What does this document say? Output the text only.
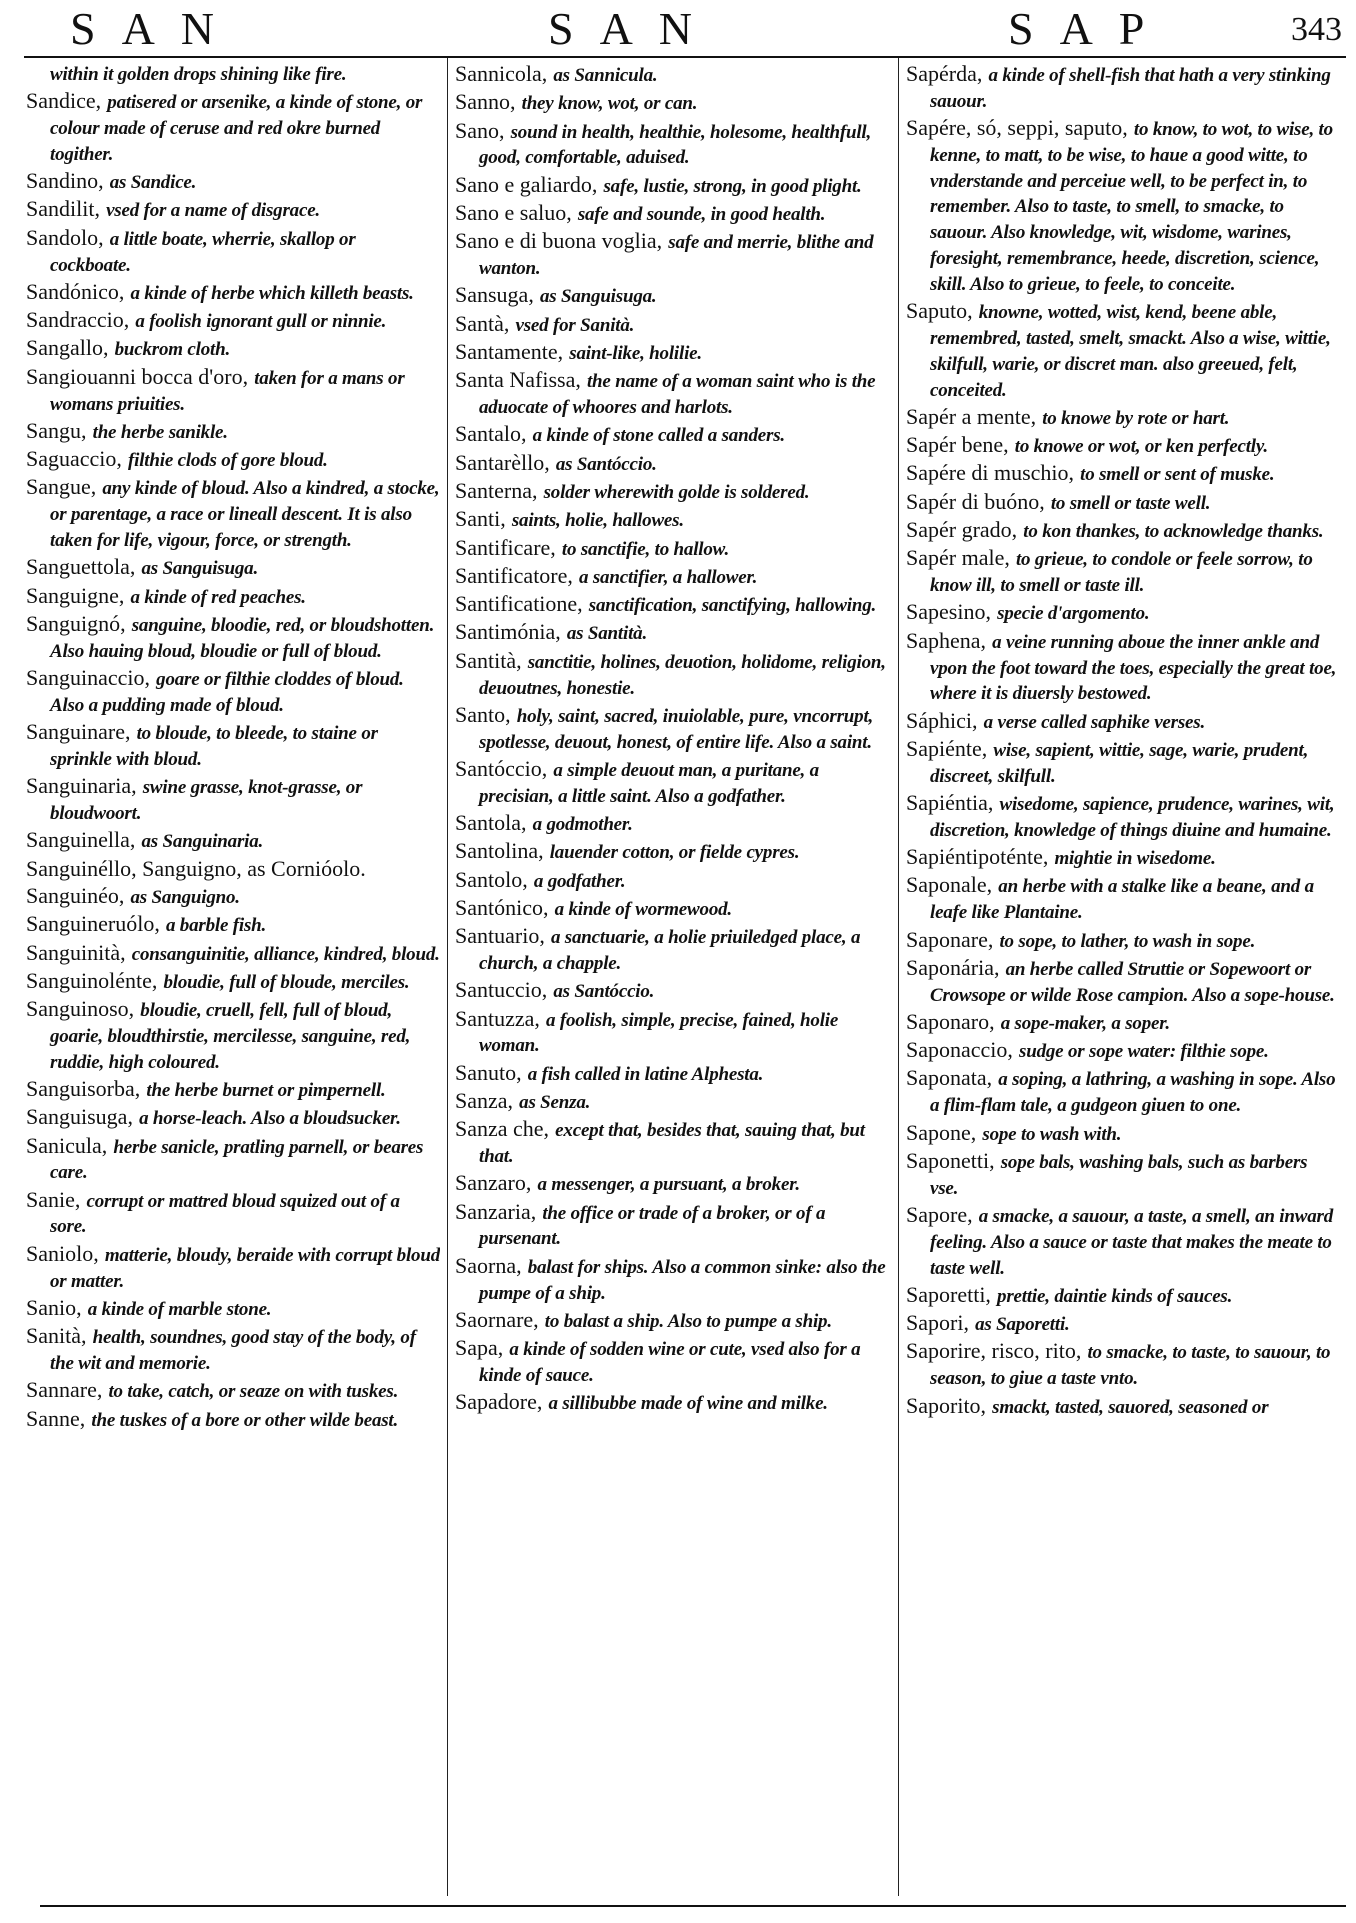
SAN	SAN	SAP	343
within it golden drops shining like fire.
Sandice, patisered or arsenike, a kinde of stone, or colour made of ceruse and red okre burned togither.
Sandino, as Sandice.
Sandilit, vsed for a name of disgrace.
Sandolo, a little boate, wherrie, skallop or cockboate.
Sandónico, a kinde of herbe which killeth beasts.
Sandraccio, a foolish ignorant gull or ninnie.
Sangallo, buckrom cloth.
Sangiouanni bocca d'oro, taken for a mans or womans priuities.
Sangu, the herbe sanikle.
Saguaccio, filthie clods of gore bloud.
Sangue, any kinde of bloud. Also a kindred, a stocke, or parentage, a race or lineall descent. It is also taken for life, vigour, force, or strength.
Sanguettola, as Sanguisuga.
Sanguigne, a kinde of red peaches.
Sanguignó, sanguine, bloodie, red, or bloudshotten. Also hauing bloud, bloudie or full of bloud.
Sanguinaccio, goare or filthie cloddes of bloud. Also a pudding made of bloud.
Sanguinare, to bloude, to bleede, to staine or sprinkle with bloud.
Sanguinaria, swine grasse, knot-grasse, or bloudwoort.
Sanguinella, as Sanguinaria.
Sanguinéllo, Sanguigno, as Cornióolo.
Sanguinéo, as Sanguigno.
Sanguineruólo, a barble fish.
Sanguinità, consanguinitie, alliance, kindred, bloud.
Sanguinolénte, bloudie, full of bloude, merciles.
Sanguinoso, bloudie, cruell, fell, full of bloud, goarie, bloudthirstie, mercilesse, sanguine, red, ruddie, high coloured.
Sanguisorba, the herbe burnet or pimpernell.
Sanguisuga, a horse-leach. Also a bloudsucker.
Sanicula, herbe sanicle, pratling parnell, or beares care.
Sanie, corrupt or mattred bloud squized out of a sore.
Saniolo, matterie, bloudy, beraide with corrupt bloud or matter.
Sanio, a kinde of marble stone.
Sanità, health, soundnes, good stay of the body, of the wit and memorie.
Sannare, to take, catch, or seaze on with tuskes.
Sanne, the tuskes of a bore or other wilde beast.
Sannicola, as Sannicula.
Sanno, they know, wot, or can.
Sano, sound in health, healthie, holesome, healthfull, good, comfortable, aduised.
Sano e galiardo, safe, lustie, strong, in good plight.
Sano e saluo, safe and sounde, in good health.
Sano e di buona voglia, safe and merrie, blithe and wanton.
Sansuga, as Sanguisuga.
Santà, vsed for Sanità.
Santamente, saint-like, holilie.
Santa Nafissa, the name of a woman saint who is the aduocate of whoores and harlots.
Santalo, a kinde of stone called a sanders.
Santarèllo, as Santóccio.
Santerna, solder wherewith golde is soldered.
Santi, saints, holie, hallowes.
Santificare, to sanctifie, to hallow.
Santificatore, a sanctifier, a hallower.
Santificatione, sanctification, sanctifying, hallowing.
Santimónia, as Santità.
Santità, sanctitie, holines, deuotion, holidome, religion, deuoutnes, honestie.
Santo, holy, saint, sacred, inuiolable, pure, vncorrupt, spotlesse, deuout, honest, of entire life. Also a saint.
Santóccio, a simple deuout man, a puritane, a precisian, a little saint. Also a godfather.
Santola, a godmother.
Santolina, lauender cotton, or fielde cypres.
Santolo, a godfather.
Santónico, a kinde of wormewood.
Santuario, a sanctuarie, a holie priuiledged place, a church, a chapple.
Santuccio, as Santóccio.
Santuzza, a foolish, simple, precise, fained, holie woman.
Sanuto, a fish called in latine Alphesta.
Sanza, as Senza.
Sanza che, except that, besides that, sauing that, but that.
Sanzaro, a messenger, a pursuant, a broker.
Sanzaria, the office or trade of a broker, or of a pursenant.
Saorna, balast for ships. Also a common sinke: also the pumpe of a ship.
Saornare, to balast a ship. Also to pumpe a ship.
Sapa, a kinde of sodden wine or cute, vsed also for a kinde of sauce.
Sapadore, a sillibubbe made of wine and milke.
Sapérda, a kinde of shell-fish that hath a very stinking sauour.
Sapére, só, seppi, saputo, to know, to wot, to wise, to kenne, to matt, to be wise, to haue a good witte, to vnderstande and perceiue well, to be perfect in, to remember. Also to taste, to smell, to smacke, to sauour. Also knowledge, wit, wisdome, warines, foresight, remembrance, heede, discretion, science, skill. Also to grieue, to feele, to conceite.
Saputo, knowne, wotted, wist, kend, beene able, remembred, tasted, smelt, smackt. Also a wise, wittie, skilfull, warie, or discret man. also greeued, felt, conceited.
Sapér a mente, to knowe by rote or hart.
Sapér bene, to knowe or wot, or ken perfectly.
Sapére di muschio, to smell or sent of muske.
Sapér di buóno, to smell or taste well.
Sapér grado, to kon thankes, to acknowledge thanks.
Sapér male, to grieue, to condole or feele sorrow, to know ill, to smell or taste ill.
Sapesino, specie d'argomento.
Saphena, a veine running aboue the inner ankle and vpon the foot toward the toes, especially the great toe, where it is diuersly bestowed.
Sáphici, a verse called saphike verses.
Sapiénte, wise, sapient, wittie, sage, warie, prudent, discreet, skilfull.
Sapiéntia, wisedome, sapience, prudence, warines, wit, discretion, knowledge of things diuine and humaine.
Sapiéntipoténte, mightie in wisedome.
Saponale, an herbe with a stalke like a beane, and a leafe like Plantaine.
Saponare, to sope, to lather, to wash in sope.
Saponária, an herbe called Struttie or Sopewoort or Crowsope or wilde Rose campion. Also a sope-house.
Saponaro, a sope-maker, a soper.
Saponaccio, sudge or sope water: filthie sope.
Saponata, a soping, a lathring, a washing in sope. Also a flim-flam tale, a gudgeon giuen to one.
Sapone, sope to wash with.
Saponetti, sope bals, washing bals, such as barbers vse.
Sapore, a smacke, a sauour, a taste, a smell, an inward feeling. Also a sauce or taste that makes the meate to taste well.
Saporetti, prettie, daintie kinds of sauces.
Sapori, as Saporetti.
Saporire, risco, rito, to smacke, to taste, to sauour, to season, to giue a taste vnto.
Saporito, smackt, tasted, sauored, seasoned or
